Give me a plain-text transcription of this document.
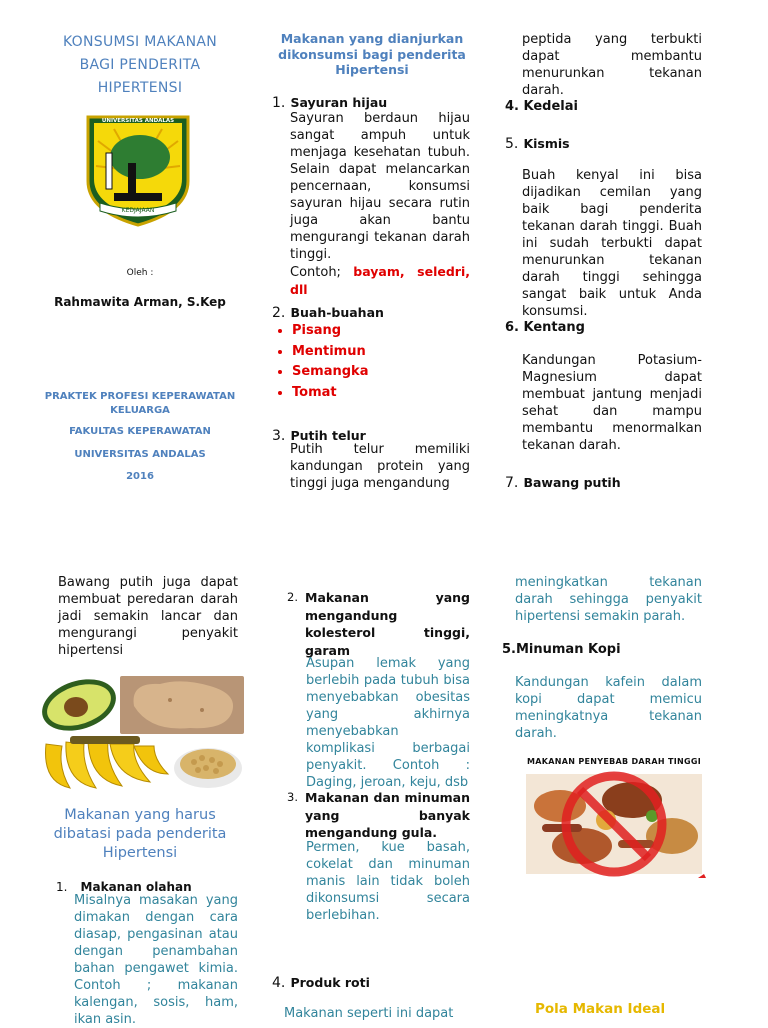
KONSUMSI MAKANAN
BAGI PENDERITA
HIPERTENSI
KEDJAJAAN
UNIVERSITAS ANDALAS
Oleh :
Rahmawita Arman, S.Kep
PRAKTEK PROFESI KEPERAWATAN
KELUARGA
FAKULTAS KEPERAWATAN
UNIVERSITAS ANDALAS
2016
Makanan yang dianjurkan
dikonsumsi bagi penderita
Hipertensi
1. Sayuran hijau
Sayuran berdaun hijau sangat ampuh untuk menjaga kesehatan tubuh. Selain dapat melancarkan pencernaan, konsumsi sayuran hijau secara rutin juga akan bantu mengurangi tekanan darah tinggi.
Contoh; bayam, seledri, dll
2. Buah-buahan
• Pisang
• Mentimun
• Semangka
• Tomat
3. Putih telur
Putih telur memiliki kandungan protein yang tinggi juga mengandung
peptida yang terbukti dapat membantu menurunkan tekanan darah.
4. Kedelai
5. Kismis
Buah kenyal ini bisa dijadikan cemilan yang baik bagi penderita tekanan darah tinggi. Buah ini sudah terbukti dapat menurunkan tekanan darah tinggi sehingga sangat baik untuk Anda konsumsi.
6. Kentang
Kandungan Potasium-Magnesium dapat membuat jantung menjadi sehat dan mampu membantu menormalkan tekanan darah.
7. Bawang putih
Bawang putih juga dapat membuat peredaran darah jadi semakin lancar dan mengurangi penyakit hipertensi
Makanan yang harus
dibatasi pada penderita
Hipertensi
1. Makanan olahan
Misalnya masakan yang dimakan dengan cara diasap, pengasinan atau dengan penambahan bahan pengawet kimia. Contoh ; makanan kalengan, sosis, ham, ikan asin.
2. Makanan yang mengandung kolesterol tinggi, garam
Asupan lemak yang berlebih pada tubuh bisa menyebabkan obesitas yang akhirnya menyebabkan komplikasi berbagai penyakit. Contoh : Daging, jeroan, keju, dsb
3. Makanan dan minuman yang banyak mengandung gula.
Permen, kue basah, cokelat dan minuman manis lain tidak boleh dikonsumsi secara berlebihan.
4. Produk roti
Makanan seperti ini dapat
meningkatkan tekanan darah sehingga penyakit hipertensi semakin parah.
5.Minuman Kopi
Kandungan kafein dalam kopi dapat memicu meningkatnya tekanan darah.
MAKANAN PENYEBAB DARAH TINGGI
Pola Makan Ideal
